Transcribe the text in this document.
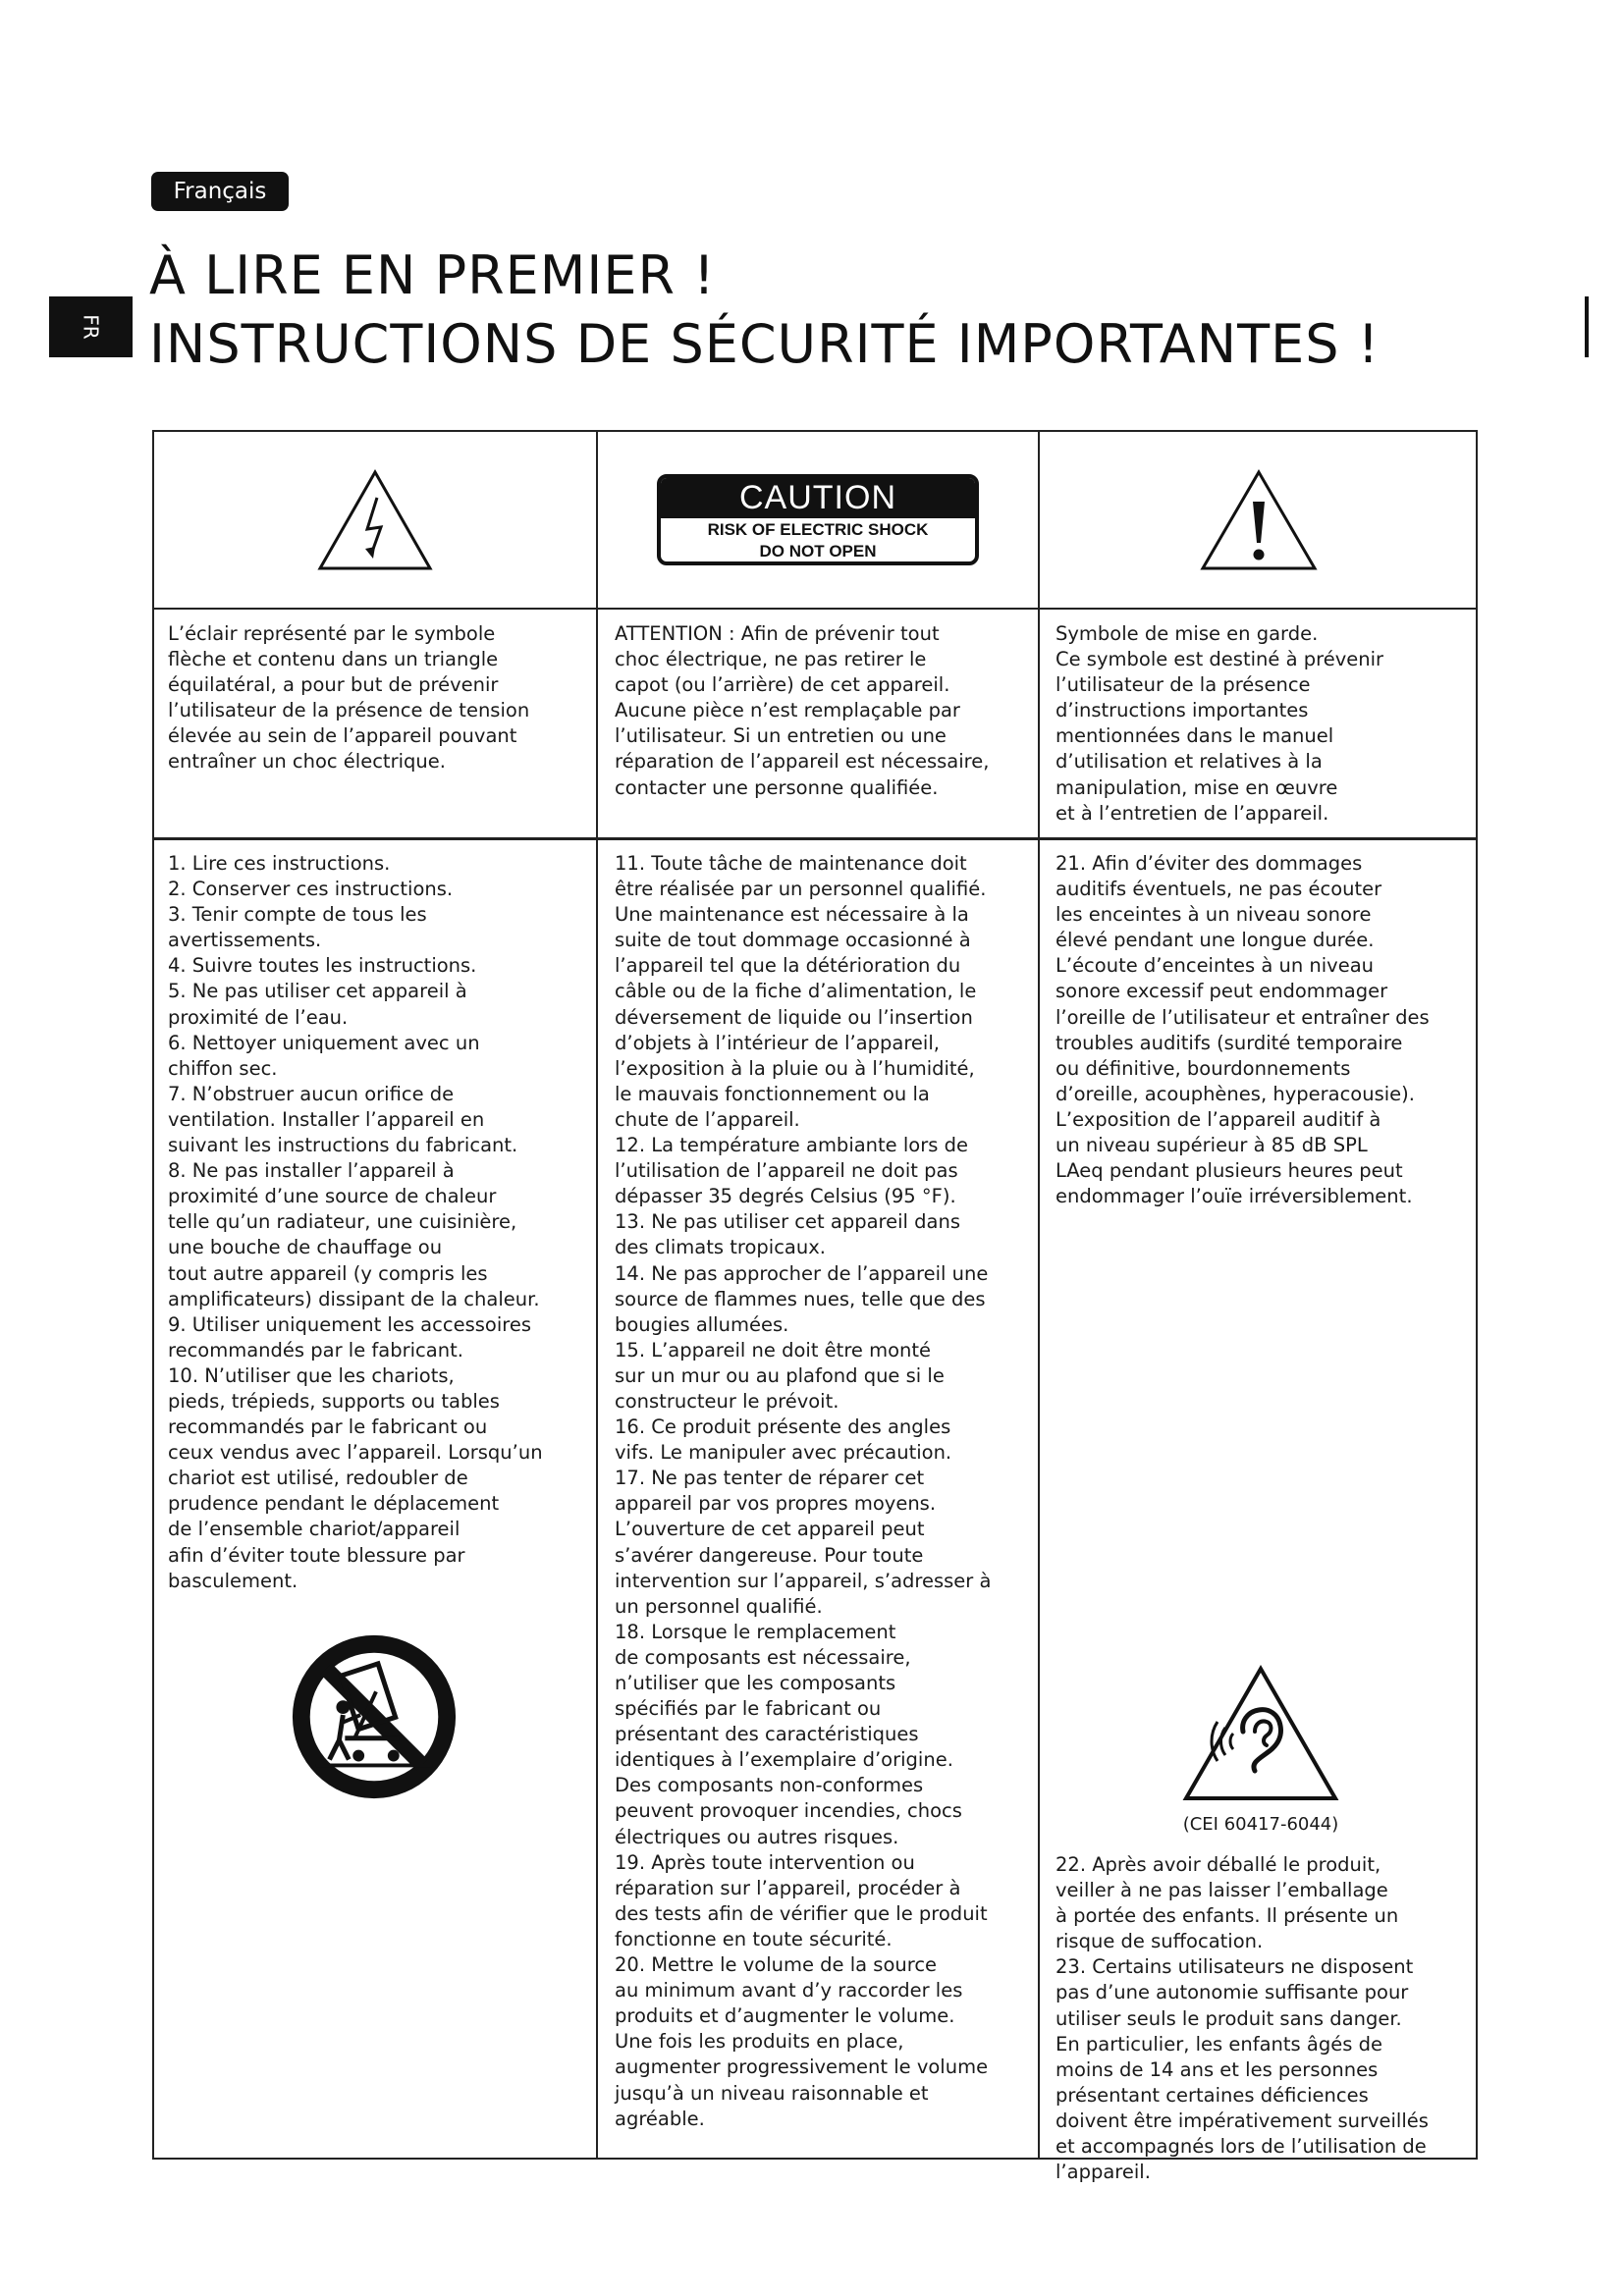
Français
À LIRE EN PREMIER !
INSTRUCTIONS DE SÉCURITÉ IMPORTANTES !
FR
CAUTION
RISK OF ELECTRIC SHOCK
DO NOT OPEN

L’éclair représenté par le symbole
flèche et contenu dans un triangle
équilatéral, a pour but de prévenir
l’utilisateur de la présence de tension
élevée au sein de l’appareil pouvant
entraîner un choc électrique.

ATTENTION : Afin de prévenir tout
choc électrique, ne pas retirer le
capot (ou l’arrière) de cet appareil.
Aucune pièce n’est remplaçable par
l’utilisateur. Si un entretien ou une
réparation de l’appareil est nécessaire,
contacter une personne qualifiée.

Symbole de mise en garde.
Ce symbole est destiné à prévenir
l’utilisateur de la présence
d’instructions importantes
mentionnées dans le manuel
d’utilisation et relatives à la
manipulation, mise en œuvre
et à l’entretien de l’appareil.

1. Lire ces instructions.
2. Conserver ces instructions.
3. Tenir compte de tous les
avertissements.
4. Suivre toutes les instructions.
5. Ne pas utiliser cet appareil à
proximité de l’eau.
6. Nettoyer uniquement avec un
chiffon sec.
7. N’obstruer aucun orifice de
ventilation. Installer l’appareil en
suivant les instructions du fabricant.
8. Ne pas installer l’appareil à
proximité d’une source de chaleur
telle qu’un radiateur, une cuisinière,
une bouche de chauffage ou
tout autre appareil (y compris les
amplificateurs) dissipant de la chaleur.
9. Utiliser uniquement les accessoires
recommandés par le fabricant.
10. N’utiliser que les chariots,
pieds, trépieds, supports ou tables
recommandés par le fabricant ou
ceux vendus avec l’appareil. Lorsqu’un
chariot est utilisé, redoubler de
prudence pendant le déplacement
de l’ensemble chariot/appareil
afin d’éviter toute blessure par
basculement.

11. Toute tâche de maintenance doit
être réalisée par un personnel qualifié.
Une maintenance est nécessaire à la
suite de tout dommage occasionné à
l’appareil tel que la détérioration du
câble ou de la fiche d’alimentation, le
déversement de liquide ou l’insertion
d’objets à l’intérieur de l’appareil,
l’exposition à la pluie ou à l’humidité,
le mauvais fonctionnement ou la
chute de l’appareil.
12. La température ambiante lors de
l’utilisation de l’appareil ne doit pas
dépasser 35 degrés Celsius (95 °F).
13. Ne pas utiliser cet appareil dans
des climats tropicaux.
14. Ne pas approcher de l’appareil une
source de flammes nues, telle que des
bougies allumées.
15. L’appareil ne doit être monté
sur un mur ou au plafond que si le
constructeur le prévoit.
16. Ce produit présente des angles
vifs. Le manipuler avec précaution.
17. Ne pas tenter de réparer cet
appareil par vos propres moyens.
L’ouverture de cet appareil peut
s’avérer dangereuse. Pour toute
intervention sur l’appareil, s’adresser à
un personnel qualifié.
18. Lorsque le remplacement
de composants est nécessaire,
n’utiliser que les composants
spécifiés par le fabricant ou
présentant des caractéristiques
identiques à l’exemplaire d’origine.
Des composants non-conformes
peuvent provoquer incendies, chocs
électriques ou autres risques.
19. Après toute intervention ou
réparation sur l’appareil, procéder à
des tests afin de vérifier que le produit
fonctionne en toute sécurité.
20. Mettre le volume de la source
au minimum avant d’y raccorder les
produits et d’augmenter le volume.
Une fois les produits en place,
augmenter progressivement le volume
jusqu’à un niveau raisonnable et
agréable.

21. Afin d’éviter des dommages
auditifs éventuels, ne pas écouter
les enceintes à un niveau sonore
élevé pendant une longue durée.
L’écoute d’enceintes à un niveau
sonore excessif peut endommager
l’oreille de l’utilisateur et entraîner des
troubles auditifs (surdité temporaire
ou définitive, bourdonnements
d’oreille, acouphènes, hyperacousie).
L’exposition de l’appareil auditif à
un niveau supérieur à 85 dB SPL
LAeq pendant plusieurs heures peut
endommager l’ouïe irréversiblement.

(CEI 60417-6044)

22. Après avoir déballé le produit,
veiller à ne pas laisser l’emballage
à portée des enfants. Il présente un
risque de suffocation.
23. Certains utilisateurs ne disposent
pas d’une autonomie suffisante pour
utiliser seuls le produit sans danger.
En particulier, les enfants âgés de
moins de 14 ans et les personnes
présentant certaines déficiences
doivent être impérativement surveillés
et accompagnés lors de l’utilisation de
l’appareil.
